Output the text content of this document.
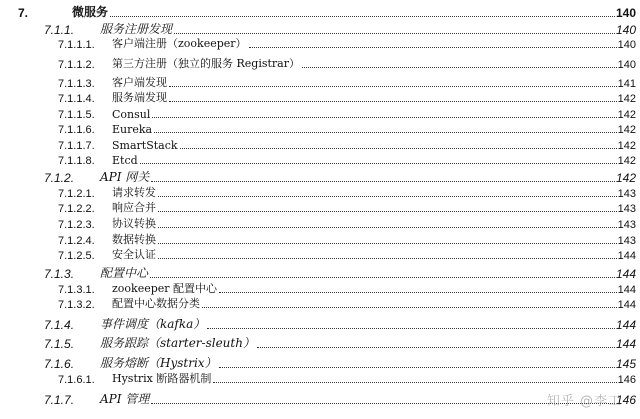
7.	微服务	140
7.1.1.	服务注册发现	140
7.1.1.1.	客户端注册（zookeeper）	140
7.1.1.2.	第三方注册（独立的服务 Registrar）	140
7.1.1.3.	客户端发现	141
7.1.1.4.	服务端发现	142
7.1.1.5.	Consul	142
7.1.1.6.	Eureka	142
7.1.1.7.	SmartStack	142
7.1.1.8.	Etcd	142
7.1.2.	API 网关	142
7.1.2.1.	请求转发	143
7.1.2.2.	响应合并	143
7.1.2.3.	协议转换	143
7.1.2.4.	数据转换	143
7.1.2.5.	安全认证	144
7.1.3.	配置中心	144
7.1.3.1.	zookeeper 配置中心	144
7.1.3.2.	配置中心数据分类	144
7.1.4.	事件调度（kafka）	144
7.1.5.	服务跟踪（starter-sleuth）	144
7.1.6.	服务熔断（Hystrix）	145
7.1.6.1.	Hystrix 断路器机制	146
7.1.7.	API 管理	146
知乎 @李工
